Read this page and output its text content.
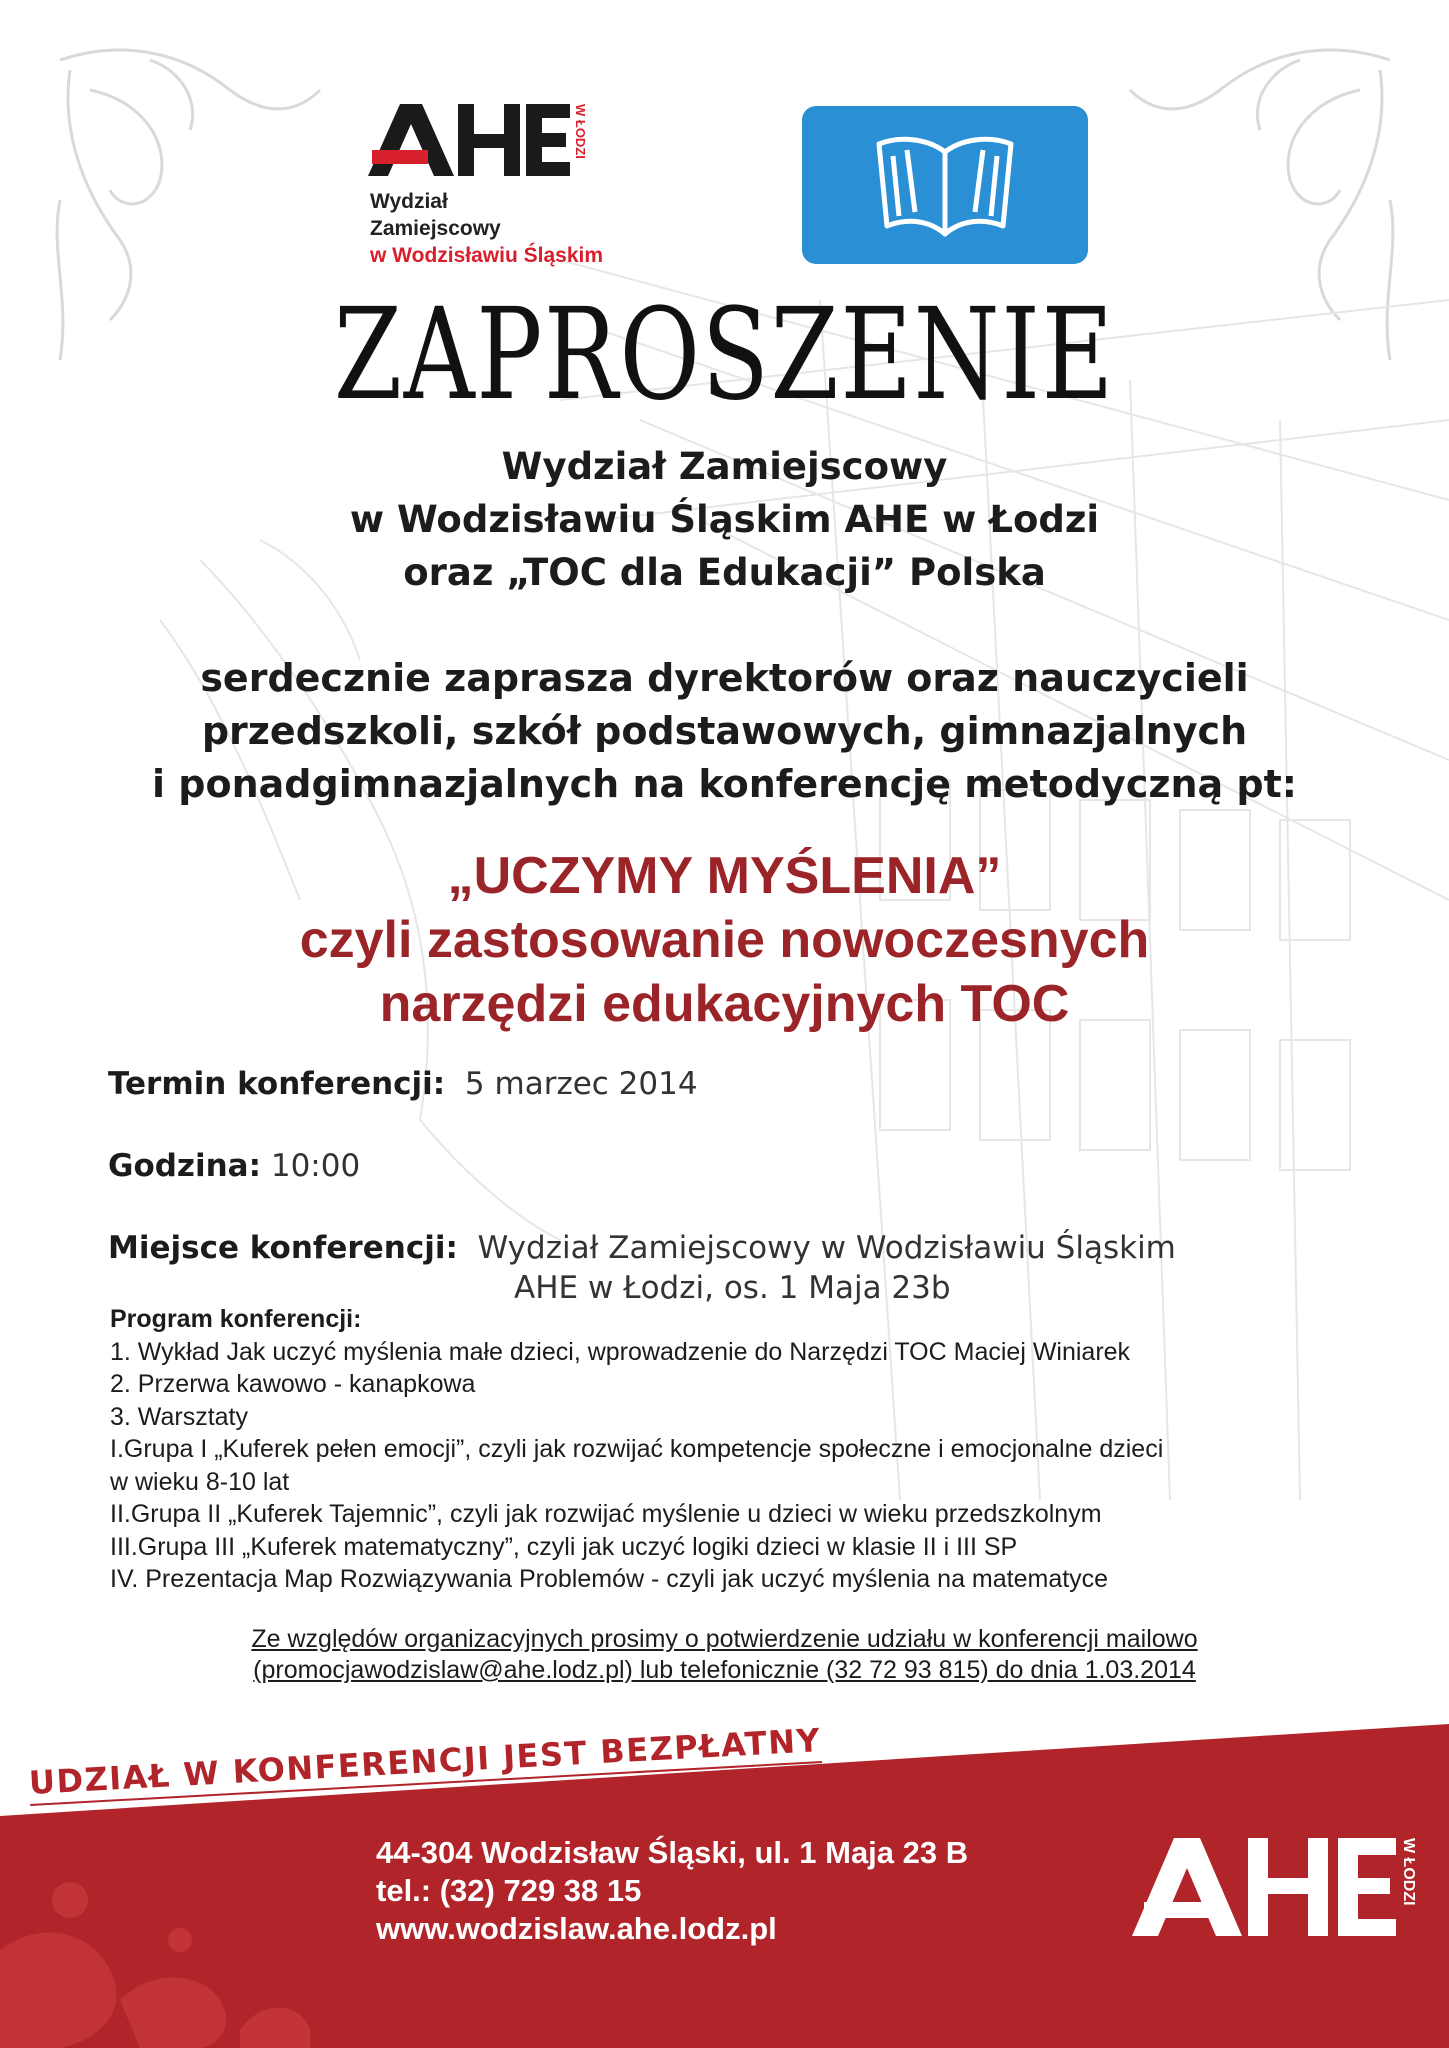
W ŁODZI
Wydział
Zamiejscowy
w Wodzisławiu Śląskim
ZAPROSZENIE
Wydział Zamiejscowy
w Wodzisławiu Śląskim AHE w Łodzi
oraz „TOC dla Edukacji” Polska
serdecznie zaprasza dyrektorów oraz nauczycieli
przedszkoli, szkół podstawowych, gimnazjalnych
i ponadgimnazjalnych na konferencję metodyczną pt:
„UCZYMY MYŚLENIA”
czyli zastosowanie nowoczesnych
narzędzi edukacyjnych TOC
Termin konferencji: 5 marzec 2014
Godzina: 10:00
Miejsce konferencji: Wydział Zamiejscowy w Wodzisławiu Śląskim
AHE w Łodzi, os. 1 Maja 23b
Program konferencji:
1. Wykład Jak uczyć myślenia małe dzieci, wprowadzenie do Narzędzi TOC Maciej Winiarek
2. Przerwa kawowo - kanapkowa
3. Warsztaty
I.Grupa I „Kuferek pełen emocji”, czyli jak rozwijać kompetencje społeczne i emocjonalne dzieci
w wieku 8-10 lat
II.Grupa II „Kuferek Tajemnic”, czyli jak rozwijać myślenie u dzieci w wieku przedszkolnym
III.Grupa III „Kuferek matematyczny”, czyli jak uczyć logiki dzieci w klasie II i III SP
IV. Prezentacja Map Rozwiązywania Problemów - czyli jak uczyć myślenia na matematyce
Ze względów organizacyjnych prosimy o potwierdzenie udziału w konferencji mailowo
(promocjawodzislaw@ahe.lodz.pl) lub telefonicznie (32 72 93 815) do dnia 1.03.2014
UDZIAŁ W KONFERENCJI JEST BEZPŁATNY
44-304 Wodzisław Śląski, ul. 1 Maja 23 B
tel.: (32) 729 38 15
www.wodzislaw.ahe.lodz.pl
W ŁODZI
